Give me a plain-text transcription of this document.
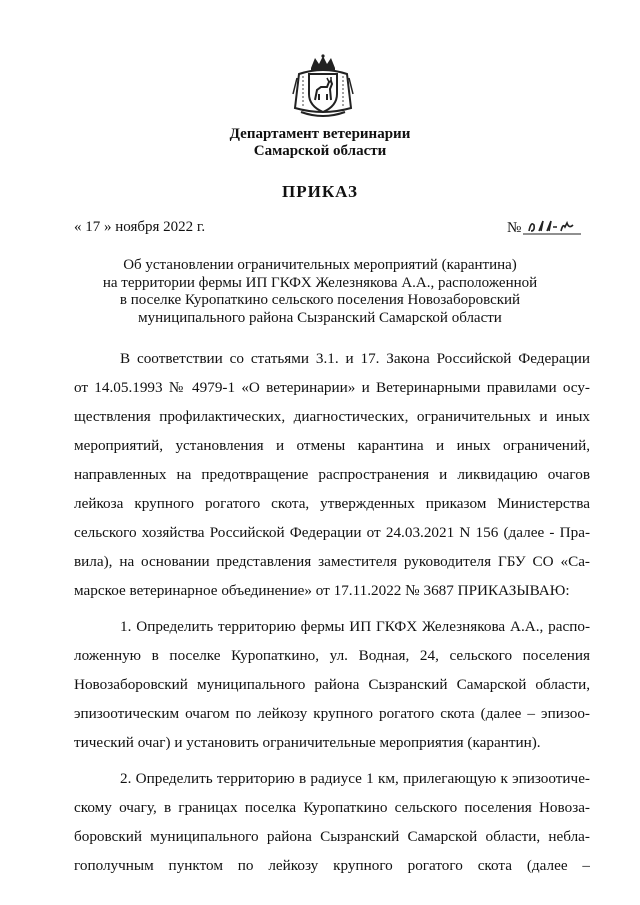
Департамент ветеринарии
Самарской области
ПРИКАЗ
« 17 » ноября 2022 г.	№
Об установлении ограничительных мероприятий (карантина)
на территории фермы ИП ГКФХ Железнякова А.А., расположенной
в поселке Куропаткино сельского поселения Новозаборовский
муниципального района Сызранский Самарской области
В соответствии со статьями 3.1. и 17. Закона Российской Федерации
от 14.05.1993 № 4979-1 «О ветеринарии» и Ветеринарными правилами осу-
ществления профилактических, диагностических, ограничительных и иных
мероприятий, установления и отмены карантина и иных ограничений,
направленных на предотвращение распространения и ликвидацию очагов
лейкоза крупного рогатого скота, утвержденных приказом Министерства
сельского хозяйства Российской Федерации от 24.03.2021 N 156 (далее - Пра-
вила), на основании представления заместителя руководителя ГБУ СО «Са-
марское ветеринарное объединение» от 17.11.2022 № 3687 ПРИКАЗЫВАЮ:
1. Определить территорию фермы ИП ГКФХ Железнякова А.А., распо-
ложенную в поселке Куропаткино, ул. Водная, 24, сельского поселения
Новозаборовский муниципального района Сызранский Самарской области,
эпизоотическим очагом по лейкозу крупного рогатого скота (далее – эпизоо-
тический очаг) и установить ограничительные мероприятия (карантин).
2. Определить территорию в радиусе 1 км, прилегающую к эпизоотиче-
скому очагу, в границах поселка Куропаткино сельского поселения Новоза-
боровский муниципального района Сызранский Самарской области, небла-
гополучным пунктом по лейкозу крупного рогатого скота (далее –
